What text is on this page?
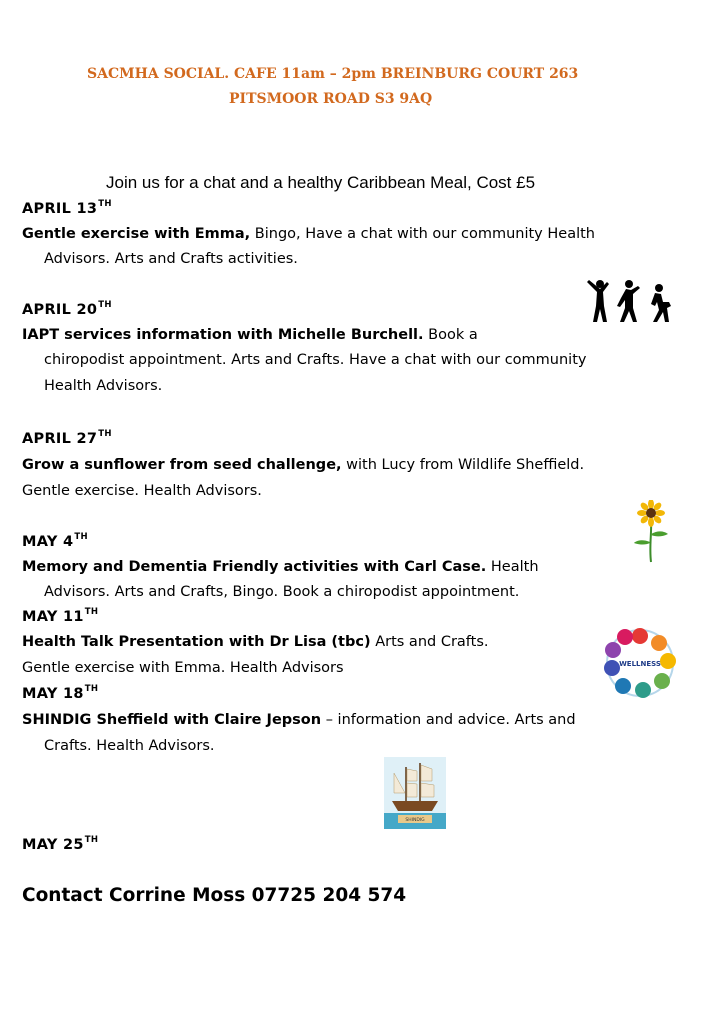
SACMHA SOCIAL. CAFE 11am – 2pm BREINBURG COURT 263
PITSMOOR ROAD S3 9AQ
Join us for a chat and a healthy Caribbean Meal, Cost £5
APRIL 13TH
Gentle exercise with Emma, Bingo, Have a chat with our community Health
Advisors. Arts and Crafts activities.
APRIL 20TH
IAPT services information with Michelle Burchell. Book a
chiropodist appointment. Arts and Crafts. Have a chat with our community
Health Advisors.
APRIL 27TH
Grow a sunflower from seed challenge, with Lucy from Wildlife Sheffield.
Gentle exercise. Health Advisors.
MAY 4TH
Memory and Dementia Friendly activities with Carl Case. Health
Advisors. Arts and Crafts, Bingo. Book a chiropodist appointment.
MAY 11TH
Health Talk Presentation with Dr Lisa (tbc) Arts and Crafts.
Gentle exercise with Emma. Health Advisors
MAY 18TH
SHINDIG Sheffield with Claire Jepson – information and advice. Arts and
Crafts. Health Advisors.
MAY 25TH
Contact Corrine Moss 07725 204 574
WELLNESS
SHINDIG
